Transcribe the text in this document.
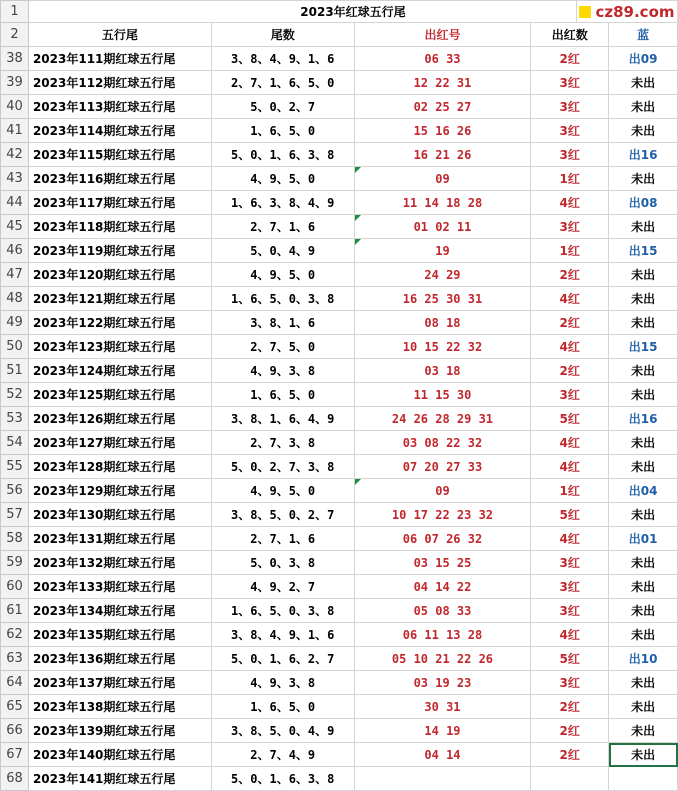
1	2023年红球五行尾				
2	五行尾	尾数	出红号	出红数	蓝
38	2023年111期红球五行尾	3、8、4、9、1、6	06 33	2红	出09
39	2023年112期红球五行尾	2、7、1、6、5、0	12 22 31	3红	未出
40	2023年113期红球五行尾	5、0、2、7	02 25 27	3红	未出
41	2023年114期红球五行尾	1、6、5、0	15 16 26	3红	未出
42	2023年115期红球五行尾	5、0、1、6、3、8	16 21 26	3红	出16
43	2023年116期红球五行尾	4、9、5、0	09	1红	未出
44	2023年117期红球五行尾	1、6、3、8、4、9	11 14 18 28	4红	出08
45	2023年118期红球五行尾	2、7、1、6	01 02 11	3红	未出
46	2023年119期红球五行尾	5、0、4、9	19	1红	出15
47	2023年120期红球五行尾	4、9、5、0	24 29	2红	未出
48	2023年121期红球五行尾	1、6、5、0、3、8	16 25 30 31	4红	未出
49	2023年122期红球五行尾	3、8、1、6	08 18	2红	未出
50	2023年123期红球五行尾	2、7、5、0	10 15 22 32	4红	出15
51	2023年124期红球五行尾	4、9、3、8	03 18	2红	未出
52	2023年125期红球五行尾	1、6、5、0	11 15 30	3红	未出
53	2023年126期红球五行尾	3、8、1、6、4、9	24 26 28 29 31	5红	出16
54	2023年127期红球五行尾	2、7、3、8	03 08 22 32	4红	未出
55	2023年128期红球五行尾	5、0、2、7、3、8	07 20 27 33	4红	未出
56	2023年129期红球五行尾	4、9、5、0	09	1红	出04
57	2023年130期红球五行尾	3、8、5、0、2、7	10 17 22 23 32	5红	未出
58	2023年131期红球五行尾	2、7、1、6	06 07 26 32	4红	出01
59	2023年132期红球五行尾	5、0、3、8	03 15 25	3红	未出
60	2023年133期红球五行尾	4、9、2、7	04 14 22	3红	未出
61	2023年134期红球五行尾	1、6、5、0、3、8	05 08 33	3红	未出
62	2023年135期红球五行尾	3、8、4、9、1、6	06 11 13 28	4红	未出
63	2023年136期红球五行尾	5、0、1、6、2、7	05 10 21 22 26	5红	出10
64	2023年137期红球五行尾	4、9、3、8	03 19 23	3红	未出
65	2023年138期红球五行尾	1、6、5、0	30 31	2红	未出
66	2023年139期红球五行尾	3、8、5、0、4、9	14 19	2红	未出
67	2023年140期红球五行尾	2、7、4、9	04 14	2红	未出
68	2023年141期红球五行尾	5、0、1、6、3、8			
cz89.com
